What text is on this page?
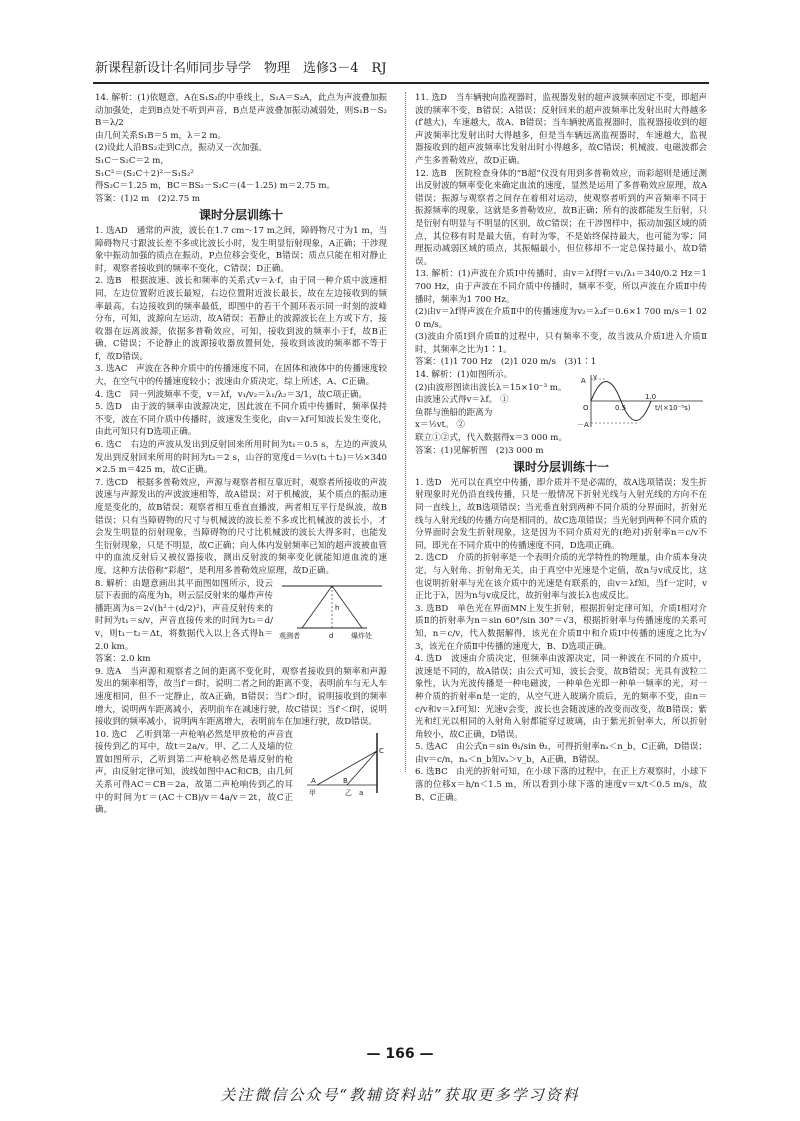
新课程新设计名师同步导学　物理　选修3－4　RJ

14. 解析：(1)依题意，A在S₁S₂的中垂线上，S₁A＝S₂A，此点为声波叠加振动加强处，走到B点处不听到声音，B点是声波叠加振动减弱处，则S₁B－S₂B＝λ/2

由几何关系S₁B＝5 m，λ＝2 m。

(2)设此人沿BS₂走到C点，振动又一次加强。

S₁C－S₂C＝2 m，

S₁C²＝(S₂C＋2)²－S₁S₂²

得S₂C＝1.25 m，BC＝BS₂－S₂C＝(4－1.25) m＝2.75 m。

答案：(1)2 m　(2)2.75 m

课时分层训练十

1. 选AD　通常的声波，波长在1.7 cm～17 m之间，障碍物尺寸为1 m，当障碍物尺寸跟波长差不多或比波长小时，发生明显衍射现象，A正确；干涉现象中振动加强的质点在振动，P点位移会变化，B错误；质点只能在相对静止时，观察者接收到的频率不变化，C错误；D正确。

2. 选B　根据波速、波长和频率的关系式v＝λ·f，由于同一种介质中波速相同，左边位置附近波长最短，右边位置附近波长最长，故在左边接收到的频率最高，右边接收到的频率最低，即图中的若干个圆环表示同一时刻的波峰分布，可知，波源向左运动，故A错误；若静止的波源波长在上方或下方，接收器在远离波源，依据多普勒效应，可知，接收到波的频率小于f，故B正确，C错误；不论静止的波源接收器放置何处，接收到该波的频率都不等于f，故D错误。

3. 选AC　声波在各种介质中的传播速度不同，在固体和液体中的传播速度较大，在空气中的传播速度较小；波速由介质决定，综上所述，A、C正确。

4. 选C　同一列波频率不变，v＝λf，v₁/v₂＝λ₁/λ₂＝3/1，故C项正确。

5. 选D　由于波的频率由波源决定，因此波在不同介质中传播时，频率保持不变，波在不同介质中传播时，波速发生变化，由v＝λf可知波长发生变化，由此可知只有D选项正确。

6. 选C　右边的声波从发出到反射回来所用时间为t₁＝0.5 s，左边的声波从发出到反射回来所用的时间为t₂＝2 s，山谷的宽度d＝½v(t₁＋t₂)＝½×340×2.5 m＝425 m，故C正确。

7. 选CD　根据多普勒效应，声源与观察者相互靠近时，观察者所接收的声波波速与声源发出的声波波速相等，故A错误；对于机械波，某个质点的振动速度是变化的，故B错误；观察者相互垂直直播波，两者相互平行是纵波，故B错误；只有当障碍物的尺寸与机械波的波长差不多或比机械波的波长小，才会发生明显的衍射现象，当障碍物的尺寸比机械波的波长大得多时，也能发生衍射现象，只是不明显，故C正确；向人体内发射频率已知的超声波被血管中的血流反射后又被仪器接收，测出反射波的频率变化就能知道血流的速度，这种方法俗称“彩超”，是利用多普勒效应原理，故D正确。

h
观测者	d	爆炸处

8. 解析：由题意画出其平面图如图所示，设云层下表面的高度为h，则云层反射来的爆炸声传播距离为s＝2√(h²＋(d/2)²)，声音反射传来的时间为t₁＝s/v，声音直接传来的时间为t₂＝d/v，则t₁－t₂＝Δt，将数据代入以上各式得h＝2.0 km。

答案：2.0 km

9. 选A　当声源和观察者之间的距离不变化时，观察者接收到的频率和声源发出的频率相等，故当f′＝f时，说明二者之间的距离不变，表明前车与无人车速度相同，但不一定静止，故A正确，B错误；当f′＞f时，说明接收到的频率增大，说明两车距离减小，表明前车在减速行驶，故C错误；当f′＜f时，说明接收到的频率减小，说明两车距离增大，表明前车在加速行驶，故D错误。

甲	乙
C
A	B
a

10. 选C　乙听到第一声枪响必然是甲放枪的声音直接传到乙的耳中，故t＝2a/v。甲、乙二人及墙的位置如图所示，乙听到第二声枪响必然是墙反射的枪声，由反射定律可知，波线如图中AC和CB，由几何关系可得AC＝CB＝2a，故第二声枪响传到乙的耳中的时间为t′＝(AC＋CB)/v＝4a/v＝2t，故C正确。

11. 选D　当车辆驶向监视器时，监视器发射的超声波频率固定不变，即超声波的频率不变，B错误；A错误；反射回来的超声波频率比发射出时大得越多(f′越大)，车速越大，故A、B错误；当车辆驶离监视器时，监视器接收到的超声波频率比发射出时大得越多，但是当车辆远离监视器时，车速越大，监视器接收到的超声波频率比发射出时小得越多，故C错误；机械波、电磁波都会产生多普勒效应，故D正确。

12. 选B　医院检查身体的“B超”仪没有用到多普勒效应，而彩超则是通过测出反射波的频率变化来确定血流的速度，显然是运用了多普勒效应原理，故A错误；振源与观察者之间存在着相对运动，使观察者听到的声音频率不同于振源频率的现象，这就是多普勒效应，故B正确；所有的波都能发生衍射，只是衍射有明显与不明显的区别，故C错误；在干涉图样中，振动加强区域的质点，其位移有时是最大值，有时为零，不是始终保持最大，也可能为零；同理振动减弱区域的质点，其振幅最小，但位移却不一定总保持最小，故D错误。

13. 解析：(1)声波在介质Ⅰ中传播时，由v＝λf得f＝v₁/λ₁＝340/0.2 Hz＝1 700 Hz，由于声波在不同介质中传播时，频率不变，所以声波在介质Ⅱ中传播时，频率为1 700 Hz。

(2)由v＝λf得声波在介质Ⅱ中的传播速度为v₂＝λ₂f＝0.6×1 700 m/s＝1 020 m/s。

(3)波由介质Ⅰ到介质Ⅱ的过程中，只有频率不变，故当波从介质Ⅰ进入介质Ⅱ时，其频率之比为1∶1。

答案：(1)1 700 Hz　(2)1 020 m/s　(3)1∶1

y
A
－A
O	0.5
1.0
t/(×10⁻⁵s)

14. 解析：(1)如图所示。

(2)由波形图读出波长λ＝15×10⁻³ m。

由波速公式得v＝λf。 ①

鱼群与渔船的距离为

x＝½vt。 ②

联立①②式，代入数据得x＝3 000 m。

答案：(1)见解析图　(2)3 000 m

课时分层训练十一

1. 选D　光可以在真空中传播，即介质并不是必需的，故A选项错误；发生折射现象时光仍沿直线传播，只是一般情况下折射光线与入射光线的方向不在同一直线上，故B选项错误；当光垂直射到两种不同介质的分界面时，折射光线与入射光线的传播方向是相同的，故C选项错误；当光射到两种不同介质的分界面时会发生折射现象，这是因为不同介质对光的(绝对)折射率n＝c/v不同，即光在不同介质中的传播速度不同，D选项正确。

2. 选CD　介质的折射率是一个表明介质的光学特性的物理量，由介质本身决定，与入射角、折射角无关，由于真空中光速是个定值，故n与v成反比，这也说明折射率与光在该介质中的光速是有联系的，由v＝λf知，当f一定时，v正比于λ，因为n与v成反比，故折射率与波长λ也成反比。

3. 选BD　单色光在界面MN上发生折射，根据折射定律可知，介质Ⅰ相对介质Ⅱ的折射率为n＝sin 60°/sin 30°＝√3，根据折射率与传播速度的关系可知，n＝c/v，代入数据解得，该光在介质Ⅱ中和介质Ⅰ中传播的速度之比为√3，该光在介质Ⅱ中传播的速度大，B、D选项正确。

4. 选D　波速由介质决定，但频率由波源决定，同一种波在不同的介质中，波速是不同的，故A错误；由公式可知，波长会变，故B错误；光具有波粒二象性，认为光波传播是一种电磁波，一种单色光即一种单一频率的光，对一种介质的折射率n是一定的，从空气进入玻璃介质后，光的频率不变，由n＝c/v和v＝λf可知：光速v会变，波长也会随波速的改变而改变，故B错误；紫光和红光以相同的入射角入射都能穿过玻璃，由于紫光折射率大，所以折射角较小，故C正确，D错误。

5. 选AC　由公式n＝sin θ₁/sin θ₂，可得折射率nₐ＜n_b，C正确，D错误；由v＝c/n，nₐ＜n_b知vₐ＞v_b，A正确，B错误。

6. 选BC　由光的折射可知，在小球下落的过程中，在正上方观察时，小球下落的位移x＝h/n＜1.5 m，所以看到小球下落的速度v＝x/t＜0.5 m/s，故B、C正确。

— 166 —
关注微信公众号“教辅资料站”获取更多学习资料
